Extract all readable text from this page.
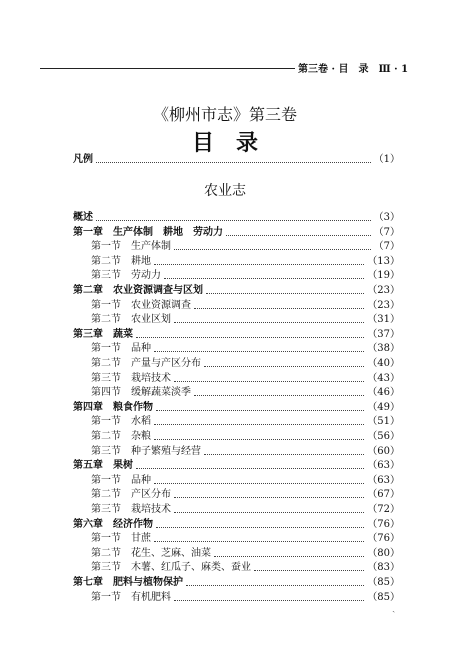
第三卷 · 目　录　Ⅲ · 1
《柳州市志》第三卷
目录
凡例	（1）
农业志
概述	（3）
第一章　生产体制　耕地　劳动力	（7）
第一节　生产体制	（7）
第二节　耕地	（13）
第三节　劳动力	（19）
第二章　农业资源调查与区划	（23）
第一节　农业资源调查	（23）
第二节　农业区划	（31）
第三章　蔬菜	（37）
第一节　品种	（38）
第二节　产量与产区分布	（40）
第三节　栽培技术	（43）
第四节　缓解蔬菜淡季	（46）
第四章　粮食作物	（49）
第一节　水稻	（51）
第二节　杂粮	（56）
第三节　种子繁殖与经营	（60）
第五章　果树	（63）
第一节　品种	（63）
第二节　产区分布	（67）
第三节　栽培技术	（72）
第六章　经济作物	（76）
第一节　甘蔗	（76）
第二节　花生、芝麻、油菜	（80）
第三节　木薯、红瓜子、麻类、蚕业	（83）
第七章　肥料与植物保护	（85）
第一节　有机肥料	（85）
ˎ
